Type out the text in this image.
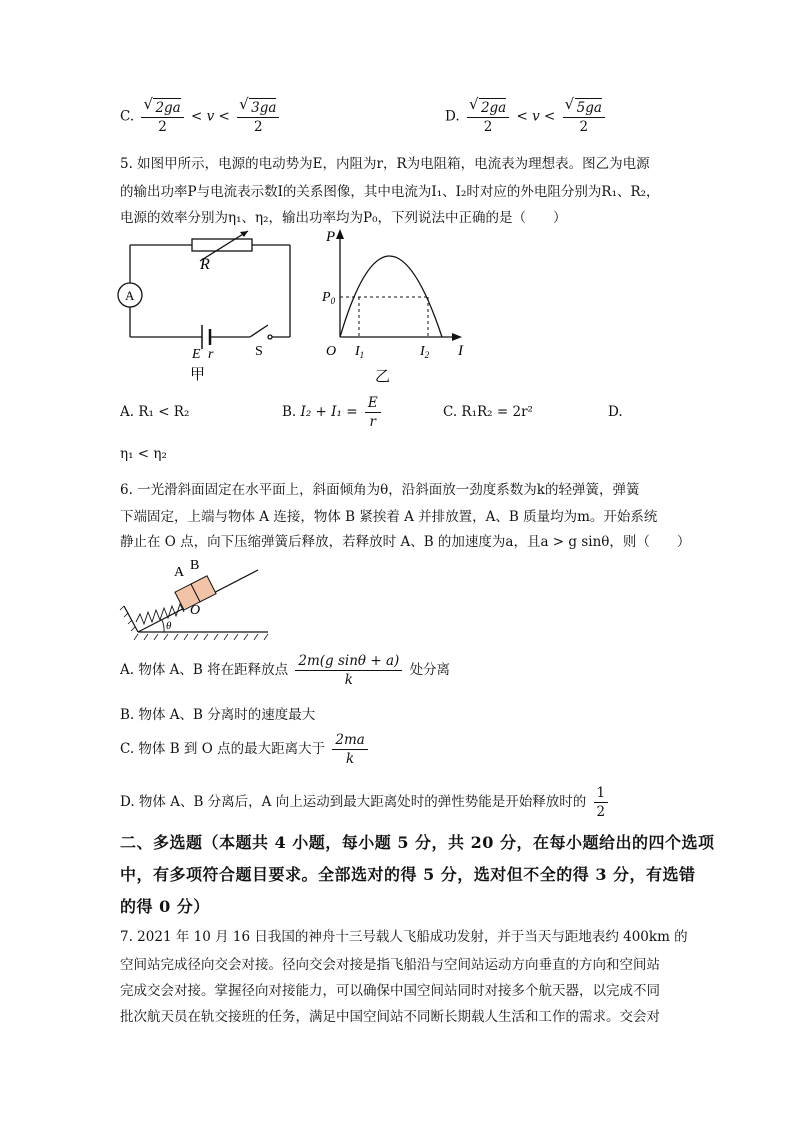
C. √ $\frac{2ga}{2} < v$ < √ $\frac{3ga}{2}$	D. √ $\frac{2ga}{2} < v$ < √ $\frac{5ga}{2}$
5. 如图甲所示，电源的电动势为E，内阻为r，R为电阻箱，电流表为理想表。图乙为电源
的输出功率P与电流表示数I的关系图像，其中电流为I₁、I₂时对应的外电阻分别为R₁、R₂，
电源的效率分别为η₁、η₂，输出功率均为P₀，下列说法中正确的是（　　）
A
R
E r	S
甲
P
$P_0$
O $I_1$	$I_2$ I
乙
A. R₁ < R₂	B. $I_2 + I_1 = \frac{E}{r}$	C. R₁R₂ = 2r²	D.
η₁ < η₂
6. 一光滑斜面固定在水平面上，斜面倾角为θ，沿斜面放一劲度系数为k的轻弹簧，弹簧
下端固定，上端与物体 A 连接，物体 B 紧挨着 A 并排放置，A、B 质量均为m。开始系统
静止在 O 点，向下压缩弹簧后释放，若释放时 A、B 的加速度为a，且a > g sinθ，则（　　）
A B
O
θ
A. 物体 A、B 将在距释放点 $\frac{\text{2m(g sinθ + a)}}{k}$ 处分离
B. 物体 A、B 分离时的速度最大
C. 物体 B 到 O 点的最大距离大于 $\frac{2ma}{k}$
D. 物体 A、B 分离后，A 向上运动到最大距离处时的弹性势能是开始释放时的 $\frac{1}{2}$
二、多选题（本题共 4 小题，每小题 5 分，共 20 分，在每小题给出的四个选项
中，有多项符合题目要求。全部选对的得 5 分，选对但不全的得 3 分，有选错
的得 0 分）
7. 2021 年 10 月 16 日我国的神舟十三号载人飞船成功发射，并于当天与距地表约 400km 的
空间站完成径向交会对接。径向交会对接是指飞船沿与空间站运动方向垂直的方向和空间站
完成交会对接。掌握径向对接能力，可以确保中国空间站同时对接多个航天器，以完成不同
批次航天员在轨交接班的任务，满足中国空间站不同断长期载人生活和工作的需求。交会对
